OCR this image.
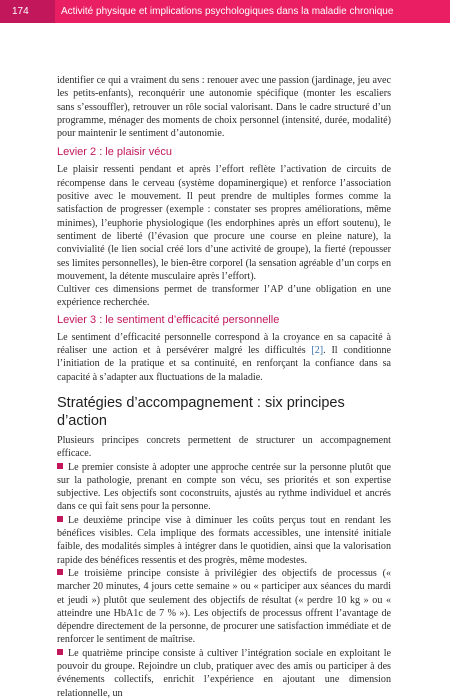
174	Activité physique et implications psychologiques dans la maladie chronique

identifier ce qui a vraiment du sens : renouer avec une passion (jardinage, jeu avec les petits-enfants), reconquérir une autonomie spécifique (monter les escaliers sans s’essouffler), retrouver un rôle social valorisant. Dans le cadre structuré d’un programme, ménager des moments de choix personnel (intensité, durée, modalité) pour maintenir le sentiment d’autonomie.

Levier 2 : le plaisir vécu

Le plaisir ressenti pendant et après l’effort reflète l’activation de circuits de récompense dans le cerveau (système dopaminergique) et renforce l’association positive avec le mouvement. Il peut prendre de multiples formes comme la satisfaction de progresser (exemple : constater ses propres améliorations, même minimes), l’euphorie physiologique (les endorphines après un effort soutenu), le sentiment de liberté (l’évasion que procure une course en pleine nature), la convivialité (le lien social créé lors d’une activité de groupe), la fierté (repousser ses limites personnelles), le bien-être corporel (la sensation agréable d’un corps en mouvement, la détente musculaire après l’effort).

Cultiver ces dimensions permet de transformer l’AP d’une obligation en une expérience recherchée.

Levier 3 : le sentiment d’efficacité personnelle

Le sentiment d’efficacité personnelle correspond à la croyance en sa capacité à réaliser une action et à persévérer malgré les difficultés [2]. Il conditionne l’initiation de la pratique et sa continuité, en renforçant la confiance dans sa capacité à s’adapter aux fluctuations de la maladie.

Stratégies d’accompagnement : six principes d’action

Plusieurs principes concrets permettent de structurer un accompagnement efficace.

Le premier consiste à adopter une approche centrée sur la personne plutôt que sur la pathologie, prenant en compte son vécu, ses priorités et son expertise subjective. Les objectifs sont coconstruits, ajustés au rythme individuel et ancrés dans ce qui fait sens pour la personne.

Le deuxième principe vise à diminuer les coûts perçus tout en rendant les bénéfices visibles. Cela implique des formats accessibles, une intensité initiale faible, des modalités simples à intégrer dans le quotidien, ainsi que la valorisation rapide des bénéfices ressentis et des progrès, même modestes.

Le troisième principe consiste à privilégier des objectifs de processus (« marcher 20 minutes, 4 jours cette semaine » ou « participer aux séances du mardi et jeudi ») plutôt que seulement des objectifs de résultat (« perdre 10 kg » ou « atteindre une HbA1c de 7 % »). Les objectifs de processus offrent l’avantage de dépendre directement de la personne, de procurer une satisfaction immédiate et de renforcer le sentiment de maîtrise.

Le quatrième principe consiste à cultiver l’intégration sociale en exploitant le pouvoir du groupe. Rejoindre un club, pratiquer avec des amis ou participer à des événements collectifs, enrichit l’expérience en ajoutant une dimension relationnelle, un
